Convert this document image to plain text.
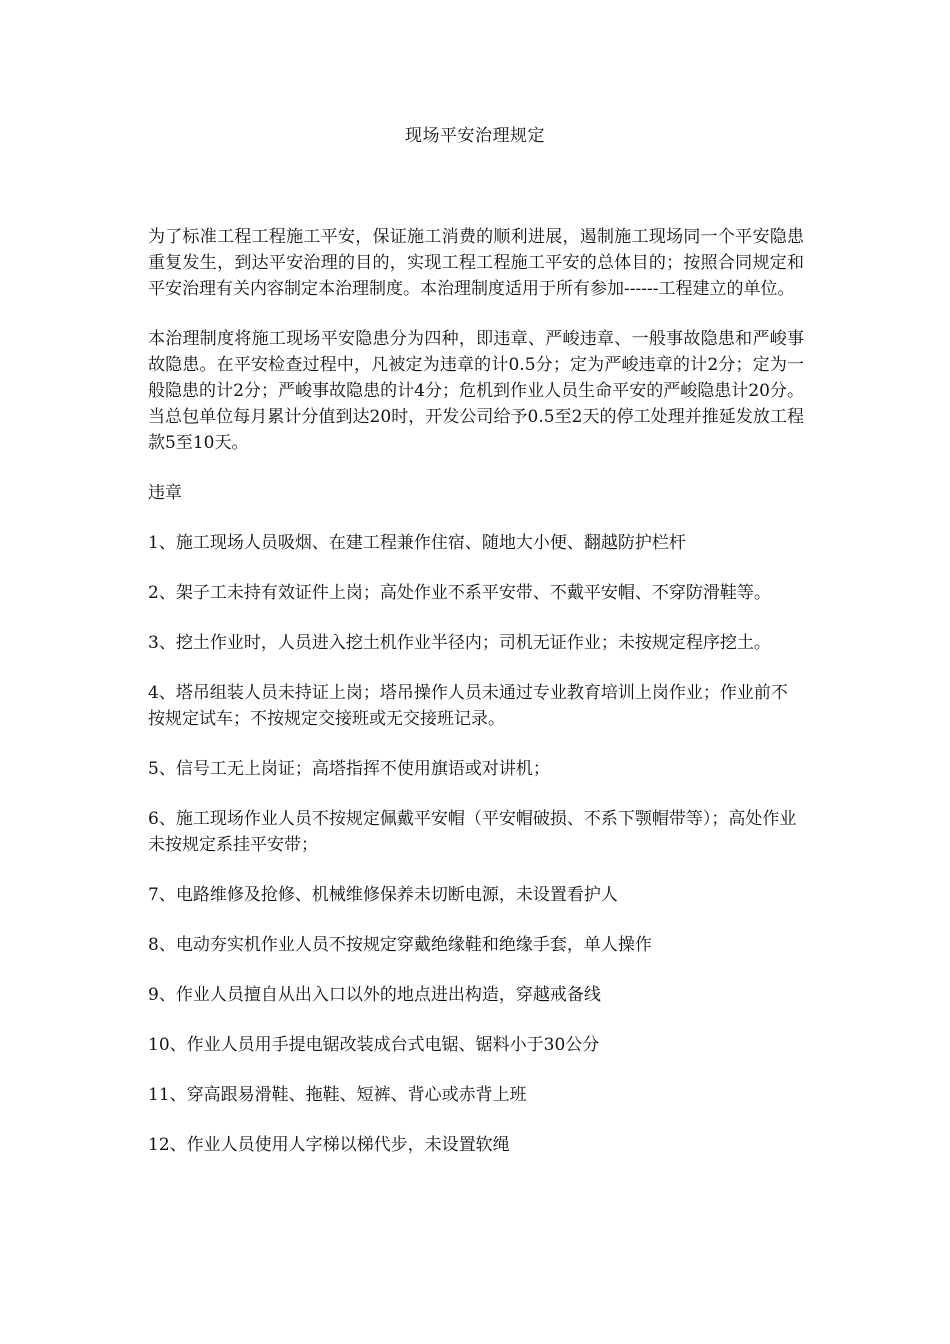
现场平安治理规定

为了标准工程工程施工平安，保证施工消费的顺利进展，遏制施工现场同一个平安隐患重复发生，到达平安治理的目的，实现工程工程施工平安的总体目的；按照合同规定和平安治理有关内容制定本治理制度。本治理制度适用于所有参加------工程建立的单位。

本治理制度将施工现场平安隐患分为四种，即违章、严峻违章、一般事故隐患和严峻事故隐患。在平安检查过程中，凡被定为违章的计0.5分；定为严峻违章的计2分；定为一般隐患的计2分；严峻事故隐患的计4分；危机到作业人员生命平安的严峻隐患计20分。当总包单位每月累计分值到达20时，开发公司给予0.5至2天的停工处理并推延发放工程款5至10天。

违章

1、施工现场人员吸烟、在建工程兼作住宿、随地大小便、翻越防护栏杆

2、架子工未持有效证件上岗；高处作业不系平安带、不戴平安帽、不穿防滑鞋等。

3、挖土作业时，人员进入挖土机作业半径内；司机无证作业；未按规定程序挖土。

4、塔吊组装人员未持证上岗；塔吊操作人员未通过专业教育培训上岗作业；作业前不按规定试车；不按规定交接班或无交接班记录。

5、信号工无上岗证；高塔指挥不使用旗语或对讲机；

6、施工现场作业人员不按规定佩戴平安帽（平安帽破损、不系下颚帽带等）；高处作业未按规定系挂平安带；

7、电路维修及抢修、机械维修保养未切断电源，未设置看护人

8、电动夯实机作业人员不按规定穿戴绝缘鞋和绝缘手套，单人操作

9、作业人员擅自从出入口以外的地点进出构造，穿越戒备线

10、作业人员用手提电锯改装成台式电锯、锯料小于30公分

11、穿高跟易滑鞋、拖鞋、短裤、背心或赤背上班

12、作业人员使用人字梯以梯代步，未设置软绳
